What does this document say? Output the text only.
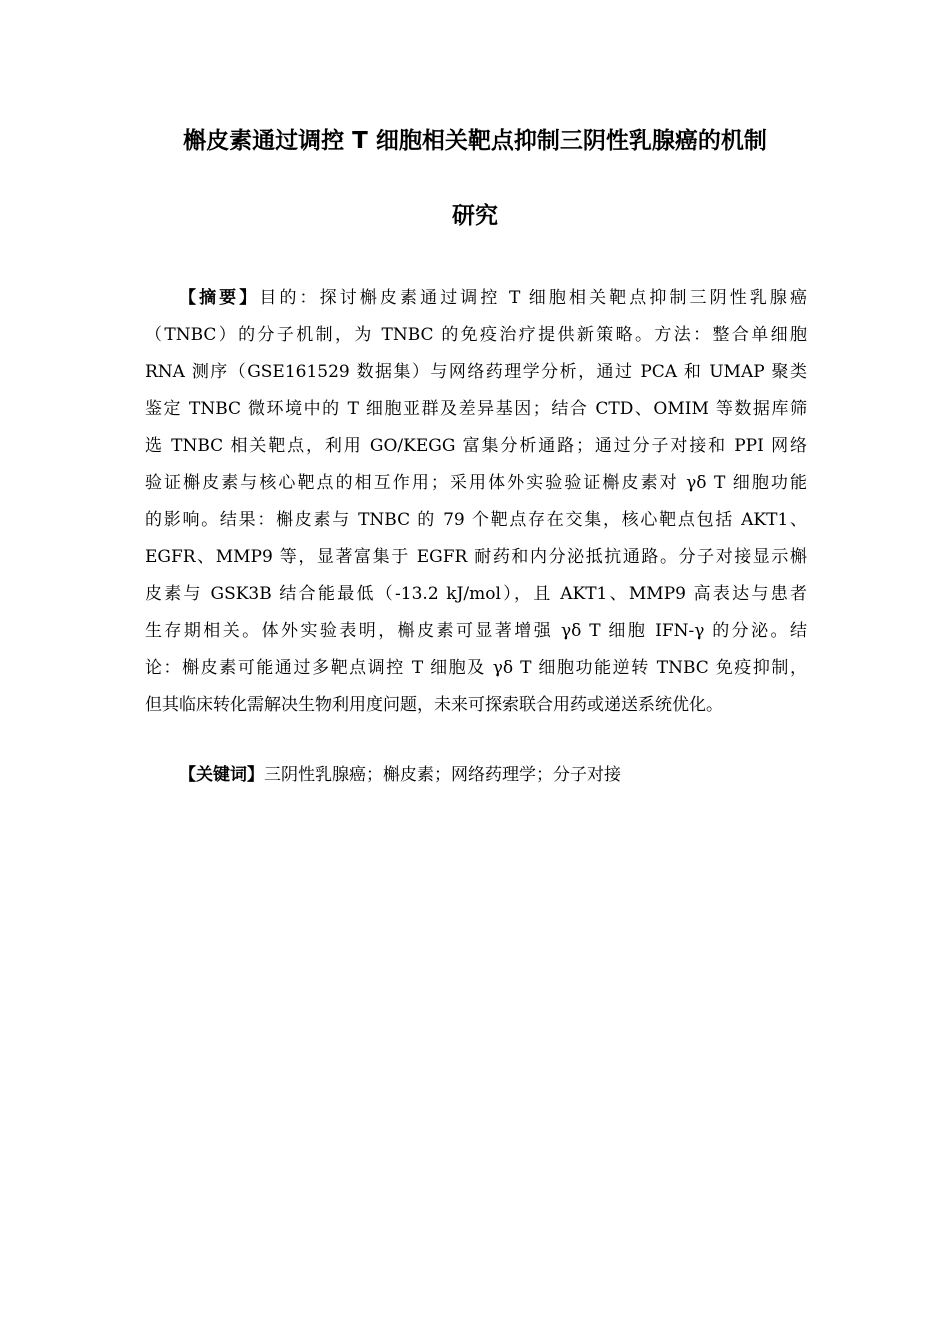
槲皮素通过调控 T 细胞相关靶点抑制三阴性乳腺癌的机制
研究
【摘要】目的：探讨槲皮素通过调控 T 细胞相关靶点抑制三阴性乳腺癌
（TNBC）的分子机制，为 TNBC 的免疫治疗提供新策略。方法：整合单细胞
RNA 测序（GSE161529 数据集）与网络药理学分析，通过 PCA 和 UMAP 聚类
鉴定 TNBC 微环境中的 T 细胞亚群及差异基因；结合 CTD、OMIM 等数据库筛
选 TNBC 相关靶点，利用 GO/KEGG 富集分析通路；通过分子对接和 PPI 网络
验证槲皮素与核心靶点的相互作用；采用体外实验验证槲皮素对 γδ T 细胞功能
的影响。结果：槲皮素与 TNBC 的 79 个靶点存在交集，核心靶点包括 AKT1、
EGFR、MMP9 等，显著富集于 EGFR 耐药和内分泌抵抗通路。分子对接显示槲
皮素与 GSK3B 结合能最低（-13.2 kJ/mol），且 AKT1、MMP9 高表达与患者
生存期相关。体外实验表明，槲皮素可显著增强 γδ T 细胞 IFN-γ 的分泌。结
论：槲皮素可能通过多靶点调控 T 细胞及 γδ T 细胞功能逆转 TNBC 免疫抑制，
但其临床转化需解决生物利用度问题，未来可探索联合用药或递送系统优化。

【关键词】三阴性乳腺癌；槲皮素；网络药理学；分子对接
